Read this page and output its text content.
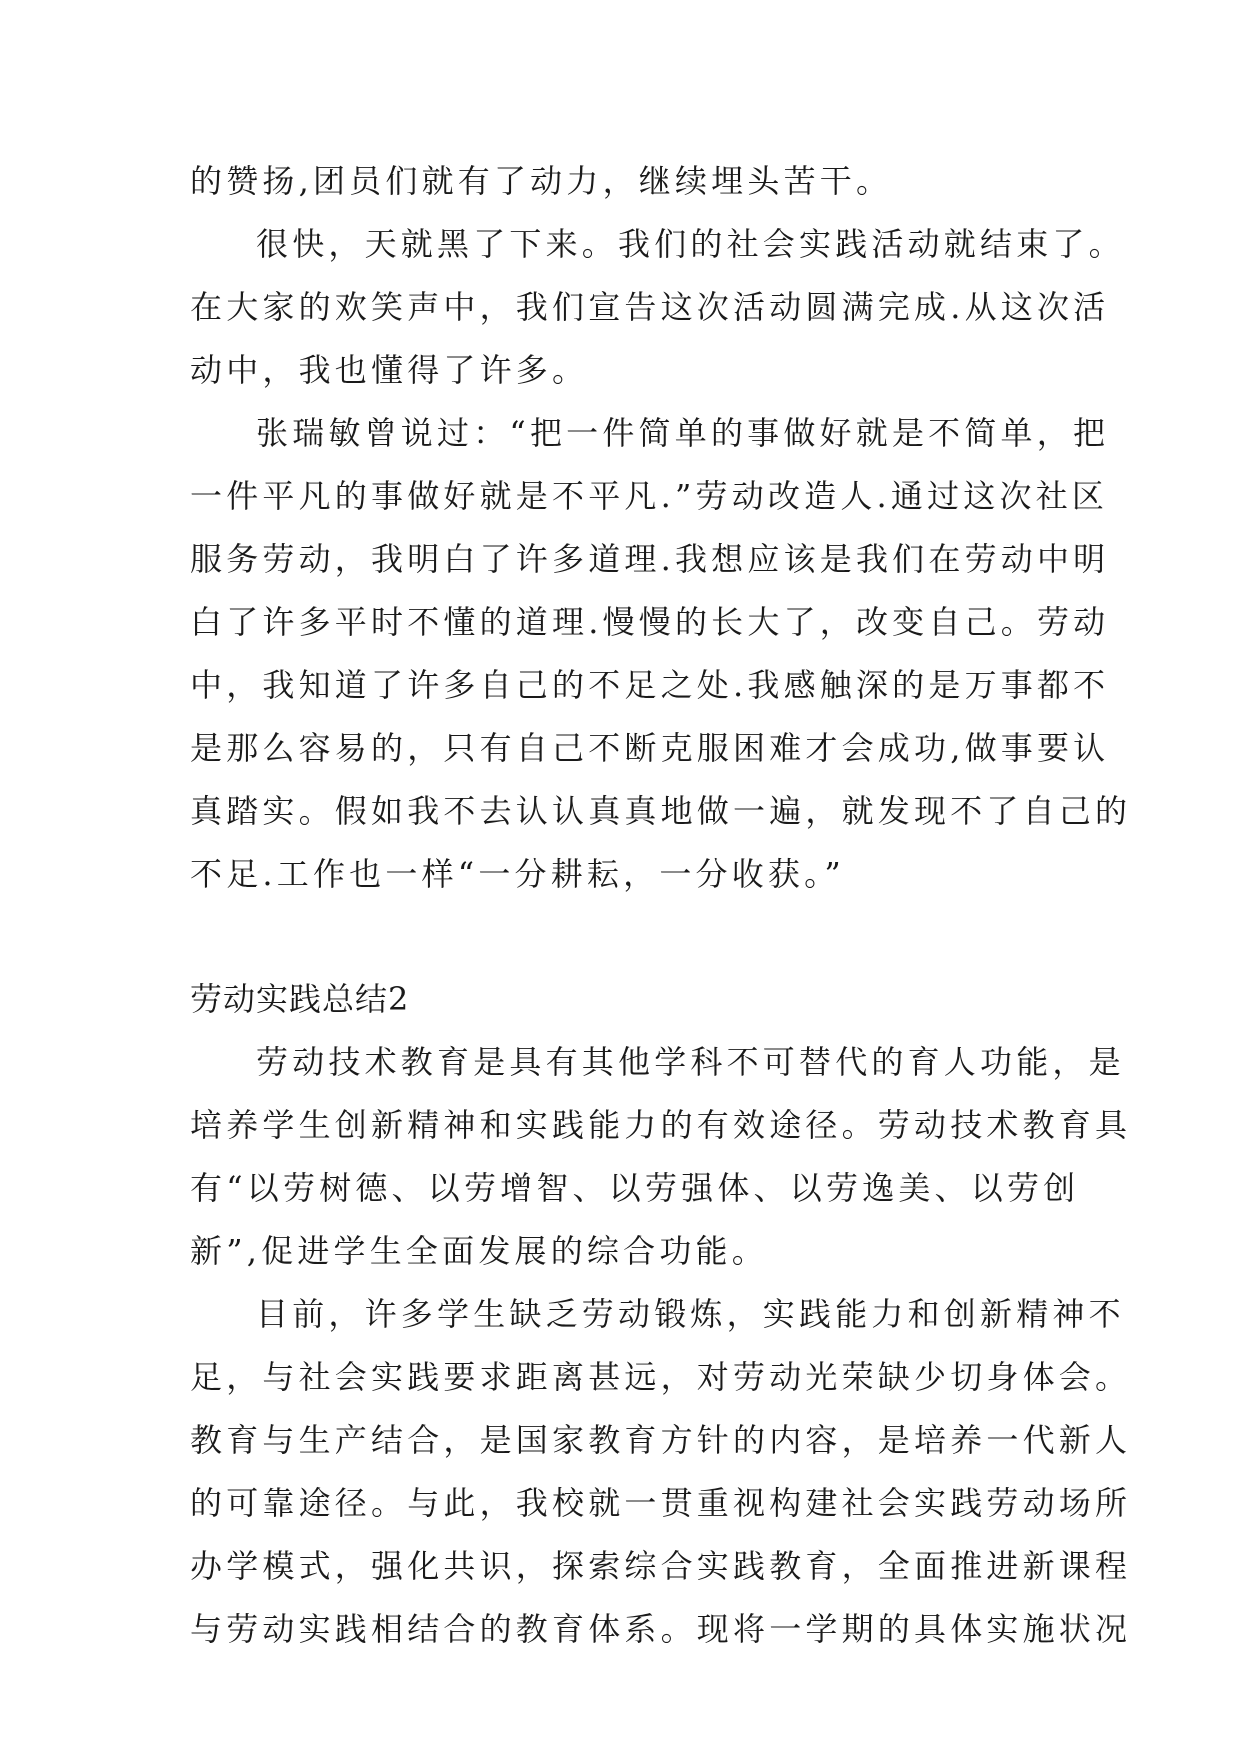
的赞扬,团员们就有了动力，继续埋头苦干。
很快，天就黑了下来。我们的社会实践活动就结束了。
在大家的欢笑声中，我们宣告这次活动圆满完成.从这次活
动中，我也懂得了许多。
张瑞敏曾说过：“把一件简单的事做好就是不简单，把
一件平凡的事做好就是不平凡.”劳动改造人.通过这次社区
服务劳动，我明白了许多道理.我想应该是我们在劳动中明
白了许多平时不懂的道理.慢慢的长大了，改变自己。劳动
中，我知道了许多自己的不足之处.我感触深的是万事都不
是那么容易的，只有自己不断克服困难才会成功,做事要认
真踏实。假如我不去认认真真地做一遍，就发现不了自己的
不足.工作也一样“一分耕耘，一分收获。”
劳动实践总结2
劳动技术教育是具有其他学科不可替代的育人功能，是
培养学生创新精神和实践能力的有效途径。劳动技术教育具
有“以劳树德、以劳增智、以劳强体、以劳逸美、以劳创
新”,促进学生全面发展的综合功能。
目前，许多学生缺乏劳动锻炼，实践能力和创新精神不
足，与社会实践要求距离甚远，对劳动光荣缺少切身体会。
教育与生产结合，是国家教育方针的内容，是培养一代新人
的可靠途径。与此，我校就一贯重视构建社会实践劳动场所
办学模式，强化共识，探索综合实践教育，全面推进新课程
与劳动实践相结合的教育体系。现将一学期的具体实施状况
